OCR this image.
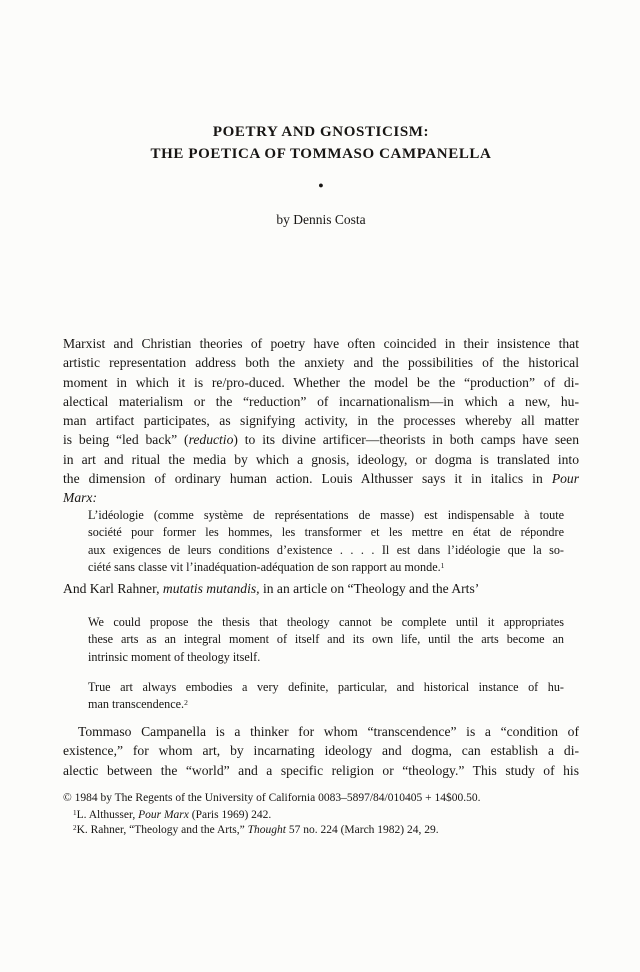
POETRY AND GNOSTICISM:
THE POETICA OF TOMMASO CAMPANELLA
●
by Dennis Costa

Marxist and Christian theories of poetry have often coincided in their insistence that
artistic representation address both the anxiety and the possibilities of the historical
moment in which it is re/pro-duced. Whether the model be the “production” of di-
alectical materialism or the “reduction” of incarnationalism—in which a new, hu-
man artifact participates, as signifying activity, in the processes whereby all matter
is being “led back” (reductio) to its divine artificer—theorists in both camps have seen
in art and ritual the media by which a gnosis, ideology, or dogma is translated into
the dimension of ordinary human action. Louis Althusser says it in italics in Pour
Marx:

L’idéologie (comme système de représentations de masse) est indispensable à toute
société pour former les hommes, les transformer et les mettre en état de répondre
aux exigences de leurs conditions d’existence . . . . Il est dans l’idéologie que la so-
ciété sans classe vit l’inadéquation-adéquation de son rapport au monde.$^1$

And Karl Rahner, mutatis mutandis, in an article on “Theology and the Arts’

We could propose the thesis that theology cannot be complete until it appropriates
these arts as an integral moment of itself and its own life, until the arts become an
intrinsic moment of theology itself.
True art always embodies a very definite, particular, and historical instance of hu-
man transcendence.$^2$

Tommaso Campanella is a thinker for whom “transcendence” is a “condition of
existence,” for whom art, by incarnating ideology and dogma, can establish a di-
alectic between the “world” and a specific religion or “theology.” This study of his

© 1984 by The Regents of the University of California 0083–5897/84/010405 + 14$00.50.
$^1$L. Althusser, Pour Marx (Paris 1969) 242.
$^2$K. Rahner, “Theology and the Arts,” Thought 57 no. 224 (March 1982) 24, 29.
